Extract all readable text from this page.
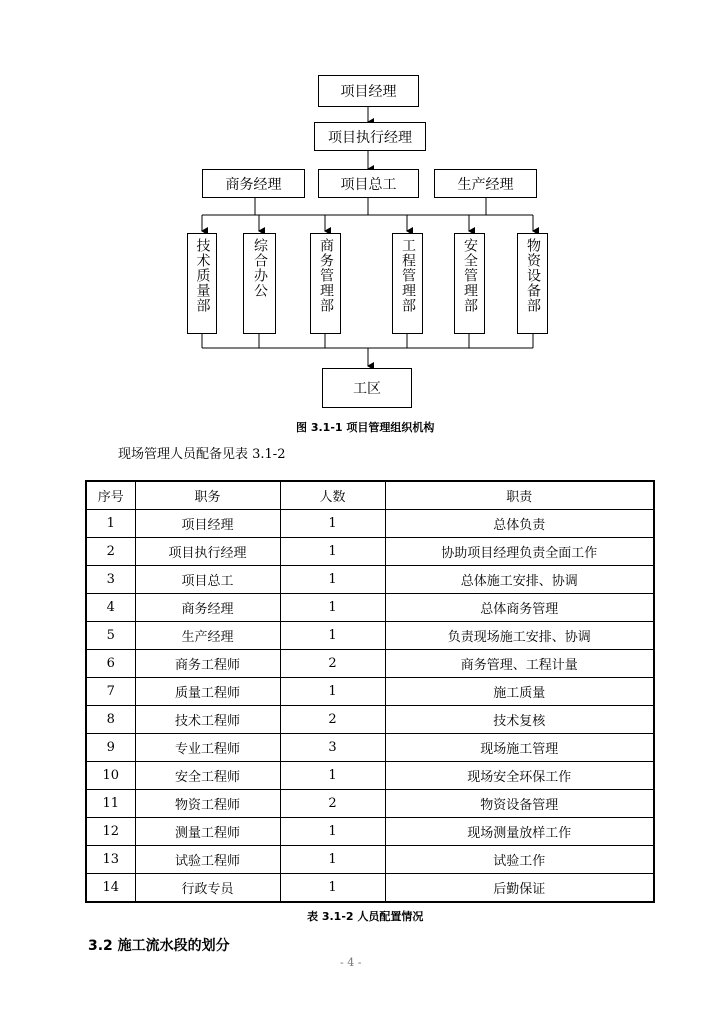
项目经理
项目执行经理
商务经理	项目总工	生产经理
技术质量部	综合办公	商务管理部	工程管理部	安全管理部	物资设备部
工区
图 3.1-1 项目管理组织机构
现场管理人员配备见表 3.1-2
序号	职务	人数	职责
1	项目经理	1	总体负责
2	项目执行经理	1	协助项目经理负责全面工作
3	项目总工	1	总体施工安排、协调
4	商务经理	1	总体商务管理
5	生产经理	1	负责现场施工安排、协调
6	商务工程师	2	商务管理、工程计量
7	质量工程师	1	施工质量
8	技术工程师	2	技术复核
9	专业工程师	3	现场施工管理
10	安全工程师	1	现场安全环保工作
11	物资工程师	2	物资设备管理
12	测量工程师	1	现场测量放样工作
13	试验工程师	1	试验工作
14	行政专员	1	后勤保证
表 3.1-2 人员配置情况
3.2 施工流水段的划分
- 4 -
